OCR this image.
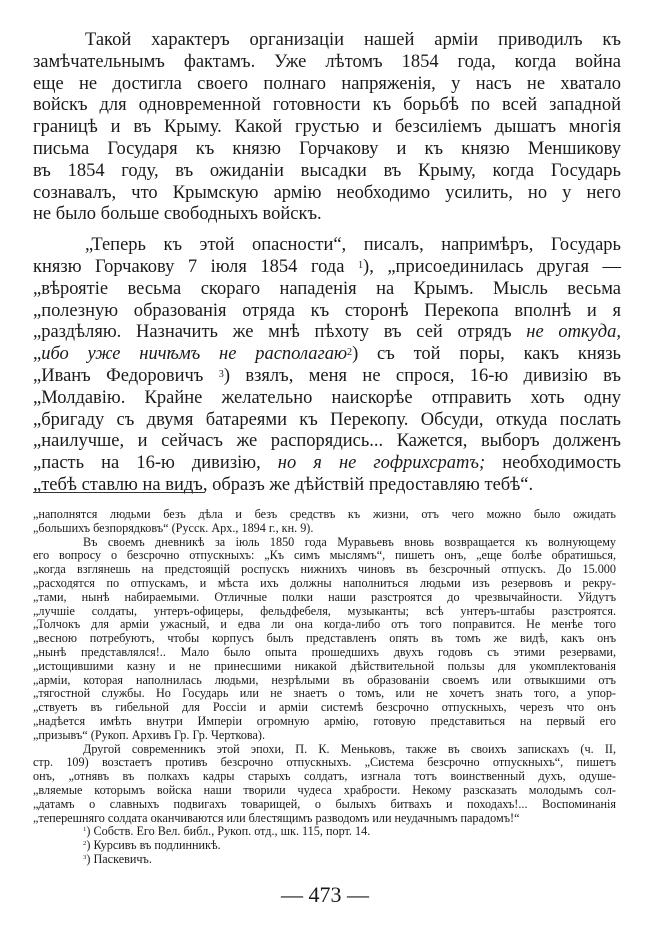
Такой характеръ организаціи нашей арміи приводилъ къ
замѣчательнымъ фактамъ. Уже лѣтомъ 1854 года, когда война
еще не достигла своего полнаго напряженія, у насъ не хватало
войскъ для одновременной готовности къ борьбѣ по всей западной
границѣ и въ Крыму. Какой грустью и безсиліемъ дышатъ многія
письма Государя къ князю Горчакову и къ князю Меншикову
въ 1854 году, въ ожиданіи высадки въ Крыму, когда Государь
сознавалъ, что Крымскую армію необходимо усилить, но у него
не было больше свободныхъ войскъ.
„Теперь къ этой опасности“, писалъ, напримѣръ, Государь
князю Горчакову 7 іюля 1854 года $^1$), „присоединилась другая —
„вѣроятіе весьма скораго нападенія на Крымъ. Мысль весьма
„полезную образованія отряда къ сторонѣ Перекопа вполнѣ и я
„раздѣляю. Назначить же мнѣ пѣхоту въ сей отрядъ не откуда,
„ибо уже ничѣмъ не располагаю$^2$) съ той поры, какъ князь
„Иванъ Федоровичъ $^3$) взялъ, меня не спрося, 16-ю дивизію въ
„Молдавію. Крайне желательно наискорѣе отправить хоть одну
„бригаду съ двумя батареями къ Перекопу. Обсуди, откуда послать
„наилучше, и сейчасъ же распорядись... Кажется, выборъ долженъ
„пасть на 16-ю дивизію, но я не гофрихсратъ; необходимость
„тебѣ ставлю на видъ, образъ же дѣйствій предоставляю тебѣ“.
„наполнятся людьми безъ дѣла и безъ средствъ къ жизни, отъ чего можно было ожидать
„большихъ безпорядковъ“ (Русск. Арх., 1894 г., кн. 9).
Въ своемъ дневникѣ за іюль 1850 года Муравьевъ вновь возвращается къ волнующему
его вопросу о безсрочно отпускныхъ: „Къ симъ мыслямъ“, пишетъ онъ, „еще болѣе обратишься,
„когда взглянешь на предстоящій роспускъ нижнихъ чиновъ въ безсрочный отпускъ. До 15.000
„расходятся по отпускамъ, и мѣста ихъ должны наполниться людьми изъ резервовъ и рекру-
„тами, нынѣ набираемыми. Отличные полки наши разстроятся до чрезвычайности. Уйдутъ
„лучшіе солдаты, унтеръ-офицеры, фельдфебеля, музыканты; всѣ унтеръ-штабы разстроятся.
„Толчокъ для арміи ужасный, и едва ли она когда-либо отъ того поправится. Не менѣе того
„весною потребуютъ, чтобы корпусъ былъ представленъ опять въ томъ же видѣ, какъ онъ
„нынѣ представлялся!.. Мало было опыта прошедшихъ двухъ годовъ съ этими резервами,
„истощившими казну и не принесшими никакой дѣйствительной пользы для укомплектованія
„арміи, которая наполнилась людьми, незрѣлыми въ образованіи своемъ или отвыкшими отъ
„тягостной службы. Но Государь или не знаетъ о томъ, или не хочетъ знать того, а упор-
„ствуетъ въ гибельной для Россіи и арміи системѣ безсрочно отпускныхъ, черезъ что онъ
„надѣется имѣть внутри Имперіи огромную армію, готовую представиться на первый его
„призывъ“ (Рукоп. Архивъ Гр. Гр. Черткова).
Другой современникъ этой эпохи, П. К. Меньковъ, также въ своихъ запискахъ (ч. II,
стр. 109) возстаетъ противъ безсрочно отпускныхъ. „Система безсрочно отпускныхъ“, пишетъ
онъ, „отнявъ въ полкахъ кадры старыхъ солдатъ, изгнала тотъ воинственный духъ, одуше-
„вляемые которымъ войска наши творили чудеса храбрости. Некому разсказать молодымъ сол-
„датамъ о славныхъ подвигахъ товарищей, о былыхъ битвахъ и походахъ!... Воспоминанія
„теперешняго солдата оканчиваются или блестящимъ разводомъ или неудачнымъ парадомъ!“
$^1$) Собств. Его Вел. библ., Рукоп. отд., шк. 115, порт. 14.
$^2$) Курсивъ въ подлинникѣ.
$^3$) Паскевичъ.
— 473 —
